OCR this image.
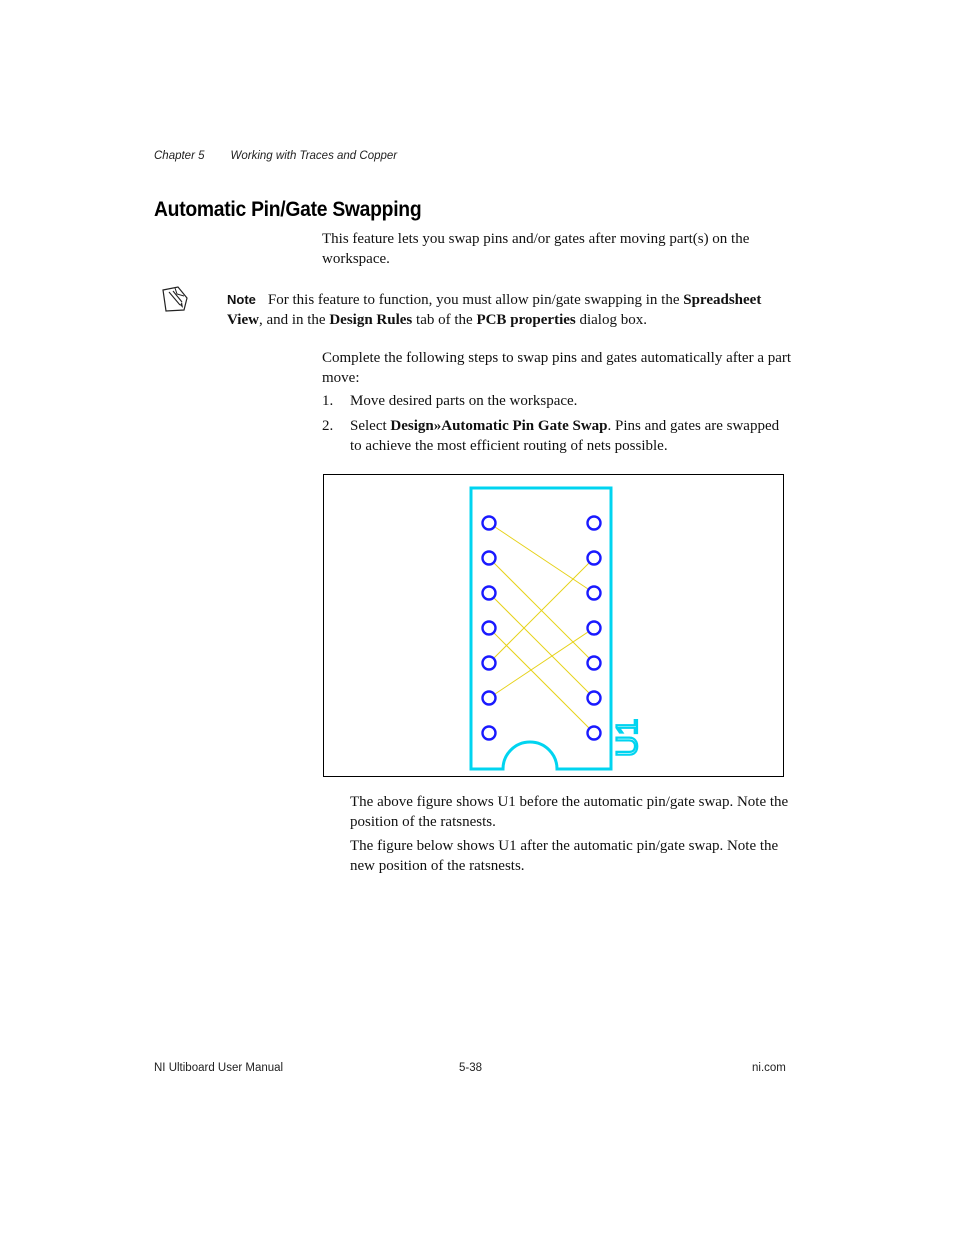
Chapter 5 Working with Traces and Copper
Automatic Pin/Gate Swapping
This feature lets you swap pins and/or gates after moving part(s) on the workspace.
Note For this feature to function, you must allow pin/gate swapping in the Spreadsheet View, and in the Design Rules tab of the PCB properties dialog box.
Complete the following steps to swap pins and gates automatically after a part move:
1. Move desired parts on the workspace.
2. Select Design»Automatic Pin Gate Swap. Pins and gates are swapped to achieve the most efficient routing of nets possible.
U1
The above figure shows U1 before the automatic pin/gate swap. Note the position of the ratsnests.
The figure below shows U1 after the automatic pin/gate swap. Note the new position of the ratsnests.
NI Ultiboard User Manual	5-38	ni.com
